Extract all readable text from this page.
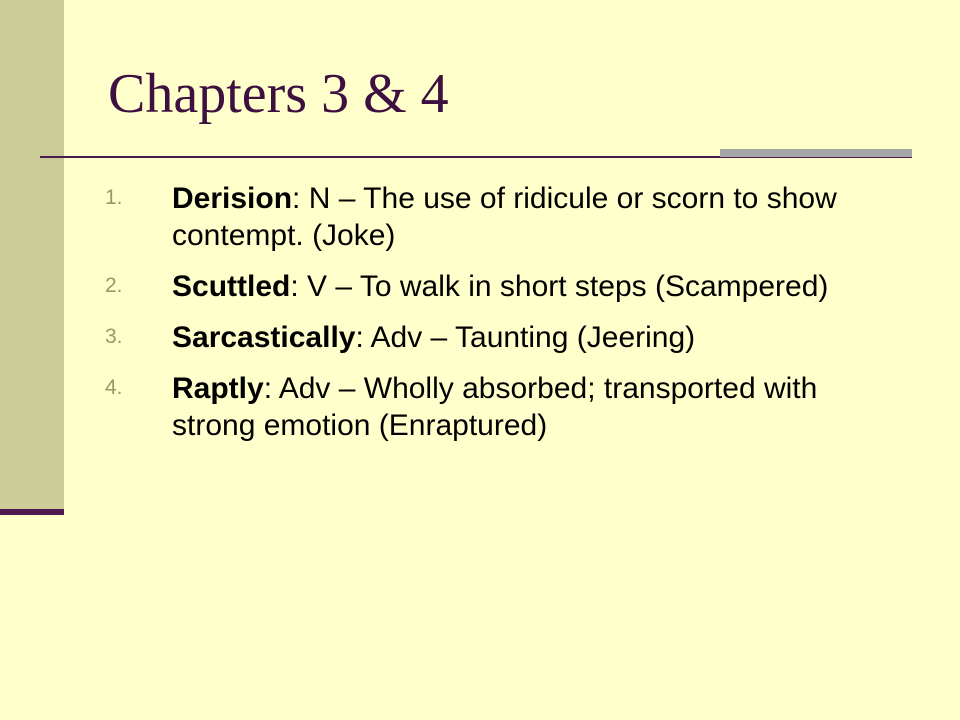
Chapters 3 & 4
1. Derision: N – The use of ridicule or scorn to show contempt. (Joke)
2. Scuttled: V – To walk in short steps (Scampered)
3. Sarcastically: Adv – Taunting (Jeering)
4. Raptly: Adv – Wholly absorbed; transported with strong emotion (Enraptured)
